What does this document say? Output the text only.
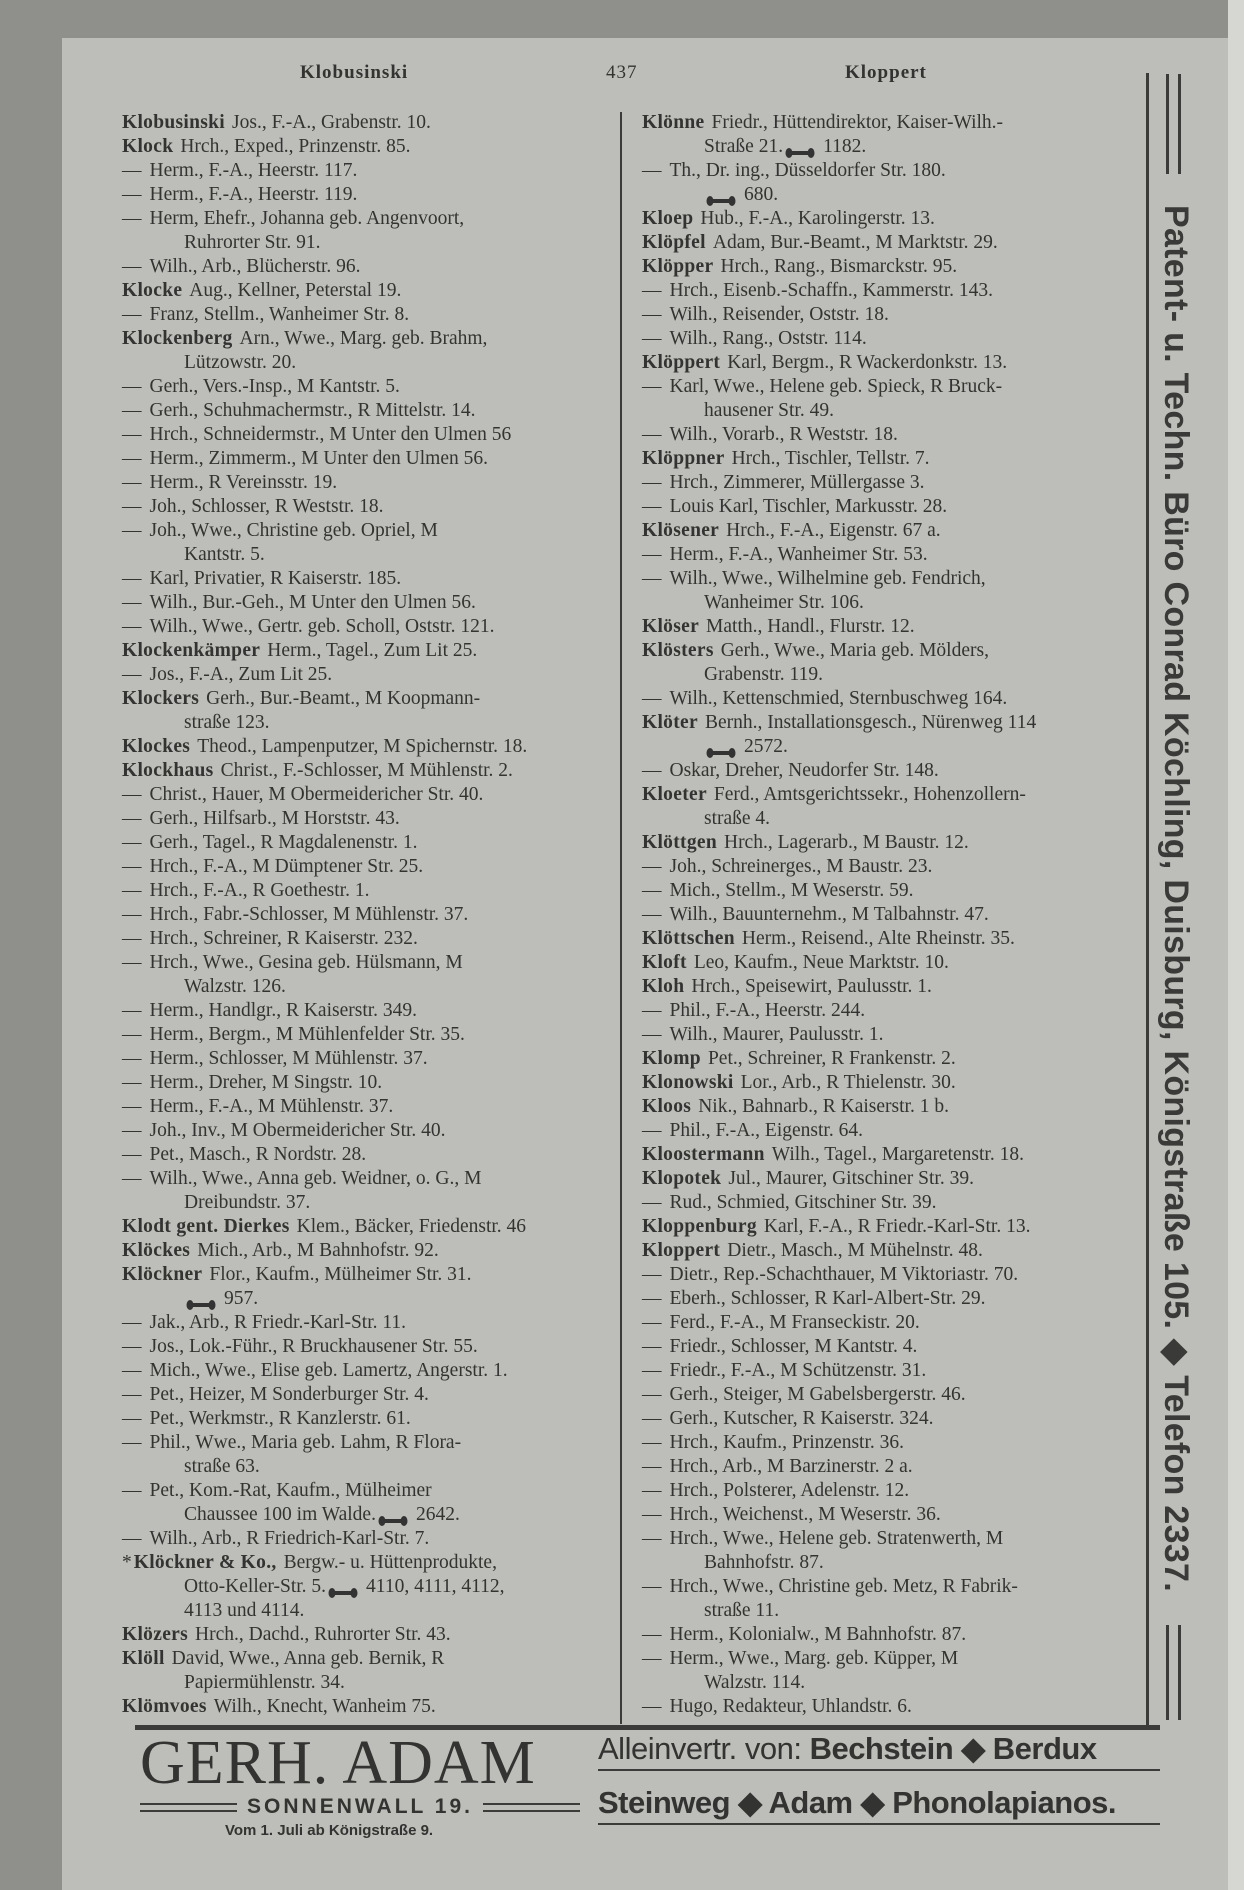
Klobusinski	437	Kloppert
Klobusinski Jos., F.-A., Grabenstr. 10.
Klock Hrch., Exped., Prinzenstr. 85.
— Herm., F.-A., Heerstr. 117.
— Herm., F.-A., Heerstr. 119.
— Herm, Ehefr., Johanna geb. Angenvoort,
Ruhrorter Str. 91.
— Wilh., Arb., Blücherstr. 96.
Klocke Aug., Kellner, Peterstal 19.
— Franz, Stellm., Wanheimer Str. 8.
Klockenberg Arn., Wwe., Marg. geb. Brahm,
Lützowstr. 20.
— Gerh., Vers.-Insp., M Kantstr. 5.
— Gerh., Schuhmachermstr., R Mittelstr. 14.
— Hrch., Schneidermstr., M Unter den Ulmen 56
— Herm., Zimmerm., M Unter den Ulmen 56.
— Herm., R Vereinsstr. 19.
— Joh., Schlosser, R Weststr. 18.
— Joh., Wwe., Christine geb. Opriel, M
Kantstr. 5.
— Karl, Privatier, R Kaiserstr. 185.
— Wilh., Bur.-Geh., M Unter den Ulmen 56.
— Wilh., Wwe., Gertr. geb. Scholl, Oststr. 121.
Klockenkämper Herm., Tagel., Zum Lit 25.
— Jos., F.-A., Zum Lit 25.
Klockers Gerh., Bur.-Beamt., M Koopmann-
straße 123.
Klockes Theod., Lampenputzer, M Spichernstr. 18.
Klockhaus Christ., F.-Schlosser, M Mühlenstr. 2.
— Christ., Hauer, M Obermeidericher Str. 40.
— Gerh., Hilfsarb., M Horststr. 43.
— Gerh., Tagel., R Magdalenenstr. 1.
— Hrch., F.-A., M Dümptener Str. 25.
— Hrch., F.-A., R Goethestr. 1.
— Hrch., Fabr.-Schlosser, M Mühlenstr. 37.
— Hrch., Schreiner, R Kaiserstr. 232.
— Hrch., Wwe., Gesina geb. Hülsmann, M
Walzstr. 126.
— Herm., Handlgr., R Kaiserstr. 349.
— Herm., Bergm., M Mühlenfelder Str. 35.
— Herm., Schlosser, M Mühlenstr. 37.
— Herm., Dreher, M Singstr. 10.
— Herm., F.-A., M Mühlenstr. 37.
— Joh., Inv., M Obermeidericher Str. 40.
— Pet., Masch., R Nordstr. 28.
— Wilh., Wwe., Anna geb. Weidner, o. G., M
Dreibundstr. 37.
Klodt gent. Dierkes Klem., Bäcker, Friedenstr. 46
Klöckes Mich., Arb., M Bahnhofstr. 92.
Klöckner Flor., Kaufm., Mülheimer Str. 31.
957.
— Jak., Arb., R Friedr.-Karl-Str. 11.
— Jos., Lok.-Führ., R Bruckhausener Str. 55.
— Mich., Wwe., Elise geb. Lamertz, Angerstr. 1.
— Pet., Heizer, M Sonderburger Str. 4.
— Pet., Werkmstr., R Kanzlerstr. 61.
— Phil., Wwe., Maria geb. Lahm, R Flora-
straße 63.
— Pet., Kom.-Rat, Kaufm., Mülheimer
Chaussee 100 im Walde. 2642.
— Wilh., Arb., R Friedrich-Karl-Str. 7.
* Klöckner & Ko., Bergw.- u. Hüttenprodukte,
Otto-Keller-Str. 5. 4110, 4111, 4112,
4113 und 4114.
Klözers Hrch., Dachd., Ruhrorter Str. 43.
Klöll David, Wwe., Anna geb. Bernik, R
Papiermühlenstr. 34.
Klömvoes Wilh., Knecht, Wanheim 75.
Klönne Friedr., Hüttendirektor, Kaiser-Wilh.-
Straße 21. 1182.
— Th., Dr. ing., Düsseldorfer Str. 180.
680.
Kloep Hub., F.-A., Karolingerstr. 13.
Klöpfel Adam, Bur.-Beamt., M Marktstr. 29.
Klöpper Hrch., Rang., Bismarckstr. 95.
— Hrch., Eisenb.-Schaffn., Kammerstr. 143.
— Wilh., Reisender, Oststr. 18.
— Wilh., Rang., Oststr. 114.
Klöppert Karl, Bergm., R Wackerdonkstr. 13.
— Karl, Wwe., Helene geb. Spieck, R Bruck-
hausener Str. 49.
— Wilh., Vorarb., R Weststr. 18.
Klöppner Hrch., Tischler, Tellstr. 7.
— Hrch., Zimmerer, Müllergasse 3.
— Louis Karl, Tischler, Markusstr. 28.
Klösener Hrch., F.-A., Eigenstr. 67 a.
— Herm., F.-A., Wanheimer Str. 53.
— Wilh., Wwe., Wilhelmine geb. Fendrich,
Wanheimer Str. 106.
Klöser Matth., Handl., Flurstr. 12.
Klösters Gerh., Wwe., Maria geb. Mölders,
Grabenstr. 119.
— Wilh., Kettenschmied, Sternbuschweg 164.
Klöter Bernh., Installationsgesch., Nürenweg 114
2572.
— Oskar, Dreher, Neudorfer Str. 148.
Kloeter Ferd., Amtsgerichtssekr., Hohenzollern-
straße 4.
Klöttgen Hrch., Lagerarb., M Baustr. 12.
— Joh., Schreinerges., M Baustr. 23.
— Mich., Stellm., M Weserstr. 59.
— Wilh., Bauunternehm., M Talbahnstr. 47.
Klöttschen Herm., Reisend., Alte Rheinstr. 35.
Kloft Leo, Kaufm., Neue Marktstr. 10.
Kloh Hrch., Speisewirt, Paulusstr. 1.
— Phil., F.-A., Heerstr. 244.
— Wilh., Maurer, Paulusstr. 1.
Klomp Pet., Schreiner, R Frankenstr. 2.
Klonowski Lor., Arb., R Thielenstr. 30.
Kloos Nik., Bahnarb., R Kaiserstr. 1 b.
— Phil., F.-A., Eigenstr. 64.
Kloostermann Wilh., Tagel., Margaretenstr. 18.
Klopotek Jul., Maurer, Gitschiner Str. 39.
— Rud., Schmied, Gitschiner Str. 39.
Kloppenburg Karl, F.-A., R Friedr.-Karl-Str. 13.
Kloppert Dietr., Masch., M Mühelnstr. 48.
— Dietr., Rep.-Schachthauer, M Viktoriastr. 70.
— Eberh., Schlosser, R Karl-Albert-Str. 29.
— Ferd., F.-A., M Franseckistr. 20.
— Friedr., Schlosser, M Kantstr. 4.
— Friedr., F.-A., M Schützenstr. 31.
— Gerh., Steiger, M Gabelsbergerstr. 46.
— Gerh., Kutscher, R Kaiserstr. 324.
— Hrch., Kaufm., Prinzenstr. 36.
— Hrch., Arb., M Barzinerstr. 2 a.
— Hrch., Polsterer, Adelenstr. 12.
— Hrch., Weichenst., M Weserstr. 36.
— Hrch., Wwe., Helene geb. Stratenwerth, M
Bahnhofstr. 87.
— Hrch., Wwe., Christine geb. Metz, R Fabrik-
straße 11.
— Herm., Kolonialw., M Bahnhofstr. 87.
— Herm., Wwe., Marg. geb. Küpper, M
Walzstr. 114.
— Hugo, Redakteur, Uhlandstr. 6.
Patent- u. Techn. Büro Conrad Köchling, Duisburg, Königstraße 105. ◆ Telefon 2337.
GERH. ADAM
SONNENWALL 19.
Vom 1. Juli ab Königstraße 9.
Alleinvertr. von: Bechstein ◆ Berdux
Steinweg ◆ Adam ◆ Phonolapianos.
